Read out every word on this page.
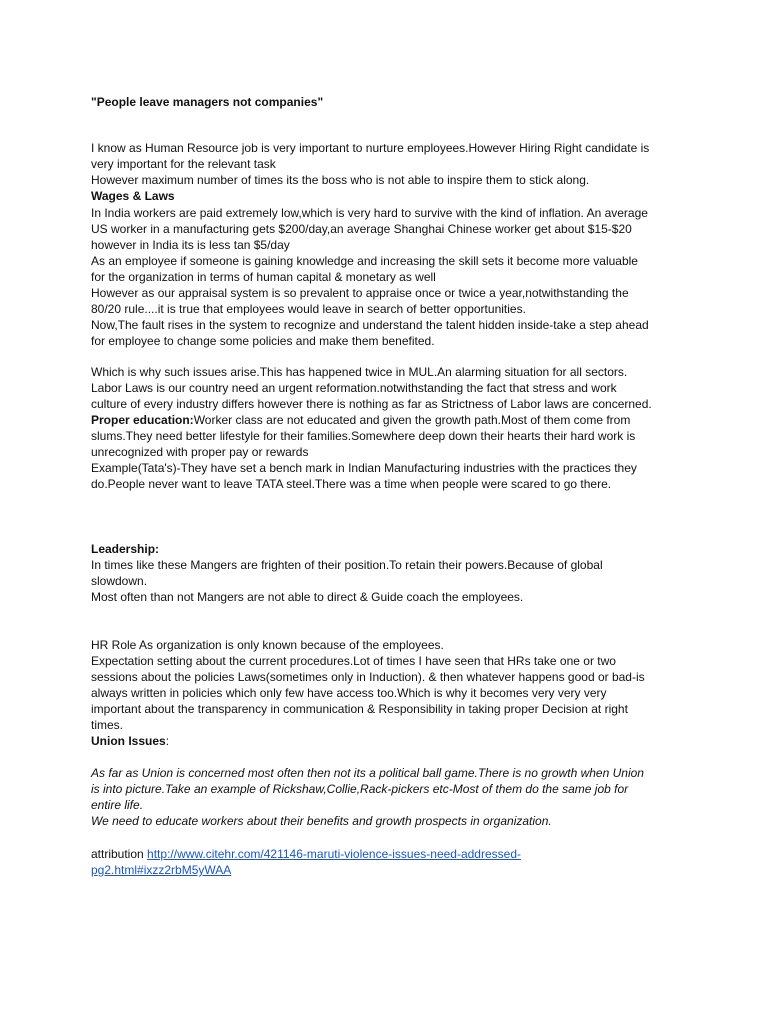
"People leave managers not companies"

I know as Human Resource job is very important to nurture employees.However Hiring Right candidate is

very important for the relevant task

However maximum number of times its the boss who is not able to inspire them to stick along.

Wages & Laws

In India workers are paid extremely low,which is very hard to survive with the kind of inflation. An average

US worker in a manufacturing gets $200/day,an average Shanghai Chinese worker get about $15-$20

however in India its is less tan $5/day

As an employee if someone is gaining knowledge and increasing the skill sets it become more valuable

for the organization in terms of human capital & monetary as well

However as our appraisal system is so prevalent to appraise once or twice a year,notwithstanding the

80/20 rule....it is true that employees would leave in search of better opportunities.

Now,The fault rises in the system to recognize and understand the talent hidden inside-take a step ahead

for employee to change some policies and make them benefited.

Which is why such issues arise.This has happened twice in MUL.An alarming situation for all sectors.

Labor Laws is our country need an urgent reformation.notwithstanding the fact that stress and work

culture of every industry differs however there is nothing as far as Strictness of Labor laws are concerned.

Proper education:Worker class are not educated and given the growth path.Most of them come from

slums.They need better lifestyle for their families.Somewhere deep down their hearts their hard work is

unrecognized with proper pay or rewards

Example(Tata's)-They have set a bench mark in Indian Manufacturing industries with the practices they

do.People never want to leave TATA steel.There was a time when people were scared to go there.

Leadership:

In times like these Mangers are frighten of their position.To retain their powers.Because of global

slowdown.

Most often than not Mangers are not able to direct & Guide coach the employees.

HR Role As organization is only known because of the employees.

Expectation setting about the current procedures.Lot of times I have seen that HRs take one or two

sessions about the policies Laws(sometimes only in Induction). & then whatever happens good or bad-is

always written in policies which only few have access too.Which is why it becomes very very very

important about the transparency in communication & Responsibility in taking proper Decision at right

times.

Union Issues:

As far as Union is concerned most often then not its a political ball game.There is no growth when Union

is into picture.Take an example of Rickshaw,Collie,Rack-pickers etc-Most of them do the same job for

entire life.

We need to educate workers about their benefits and growth prospects in organization.

attribution http://www.citehr.com/421146-maruti-violence-issues-need-addressed-

pg2.html#ixzz2rbM5yWAA
